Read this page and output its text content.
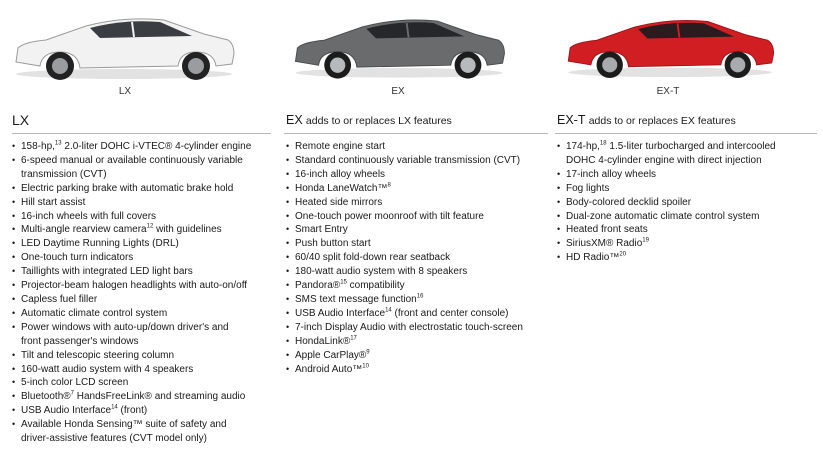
LX
LX
• 158-hp,$^{13}$ 2.0-liter DOHC i-VTEC® 4-cylinder engine
• 6-speed manual or available continuously variable
transmission (CVT)
• Electric parking brake with automatic brake hold
• Hill start assist
• 16-inch wheels with full covers
• Multi-angle rearview camera$^{12}$ with guidelines
• LED Daytime Running Lights (DRL)
• One-touch turn indicators
• Taillights with integrated LED light bars
• Projector-beam halogen headlights with auto-on/off
• Capless fuel filler
• Automatic climate control system
• Power windows with auto-up/down driver's and
front passenger's windows
• Tilt and telescopic steering column
• 160-watt audio system with 4 speakers
• 5-inch color LCD screen
• Bluetooth®$^7$ HandsFreeLink® and streaming audio
• USB Audio Interface$^{14}$ (front)
• Available Honda Sensing™ suite of safety and
driver-assistive features (CVT model only)
EX
EX adds to or replaces LX features
• Remote engine start
• Standard continuously variable transmission (CVT)
• 16-inch alloy wheels
• Honda LaneWatch™$^8$
• Heated side mirrors
• One-touch power moonroof with tilt feature
• Smart Entry
• Push button start
• 60/40 split fold-down rear seatback
• 180-watt audio system with 8 speakers
• Pandora®$^{15}$ compatibility
• SMS text message function$^{16}$
• USB Audio Interface$^{14}$ (front and center console)
• 7-inch Display Audio with electrostatic touch-screen
• HondaLink®$^{17}$
• Apple CarPlay®$^9$
• Android Auto™$^{10}$
EX-T
EX-T adds to or replaces EX features
• 174-hp,$^{18}$ 1.5-liter turbocharged and intercooled
DOHC 4-cylinder engine with direct injection
• 17-inch alloy wheels
• Fog lights
• Body-colored decklid spoiler
• Dual-zone automatic climate control system
• Heated front seats
• SiriusXM® Radio$^{19}$
• HD Radio™$^{20}$
